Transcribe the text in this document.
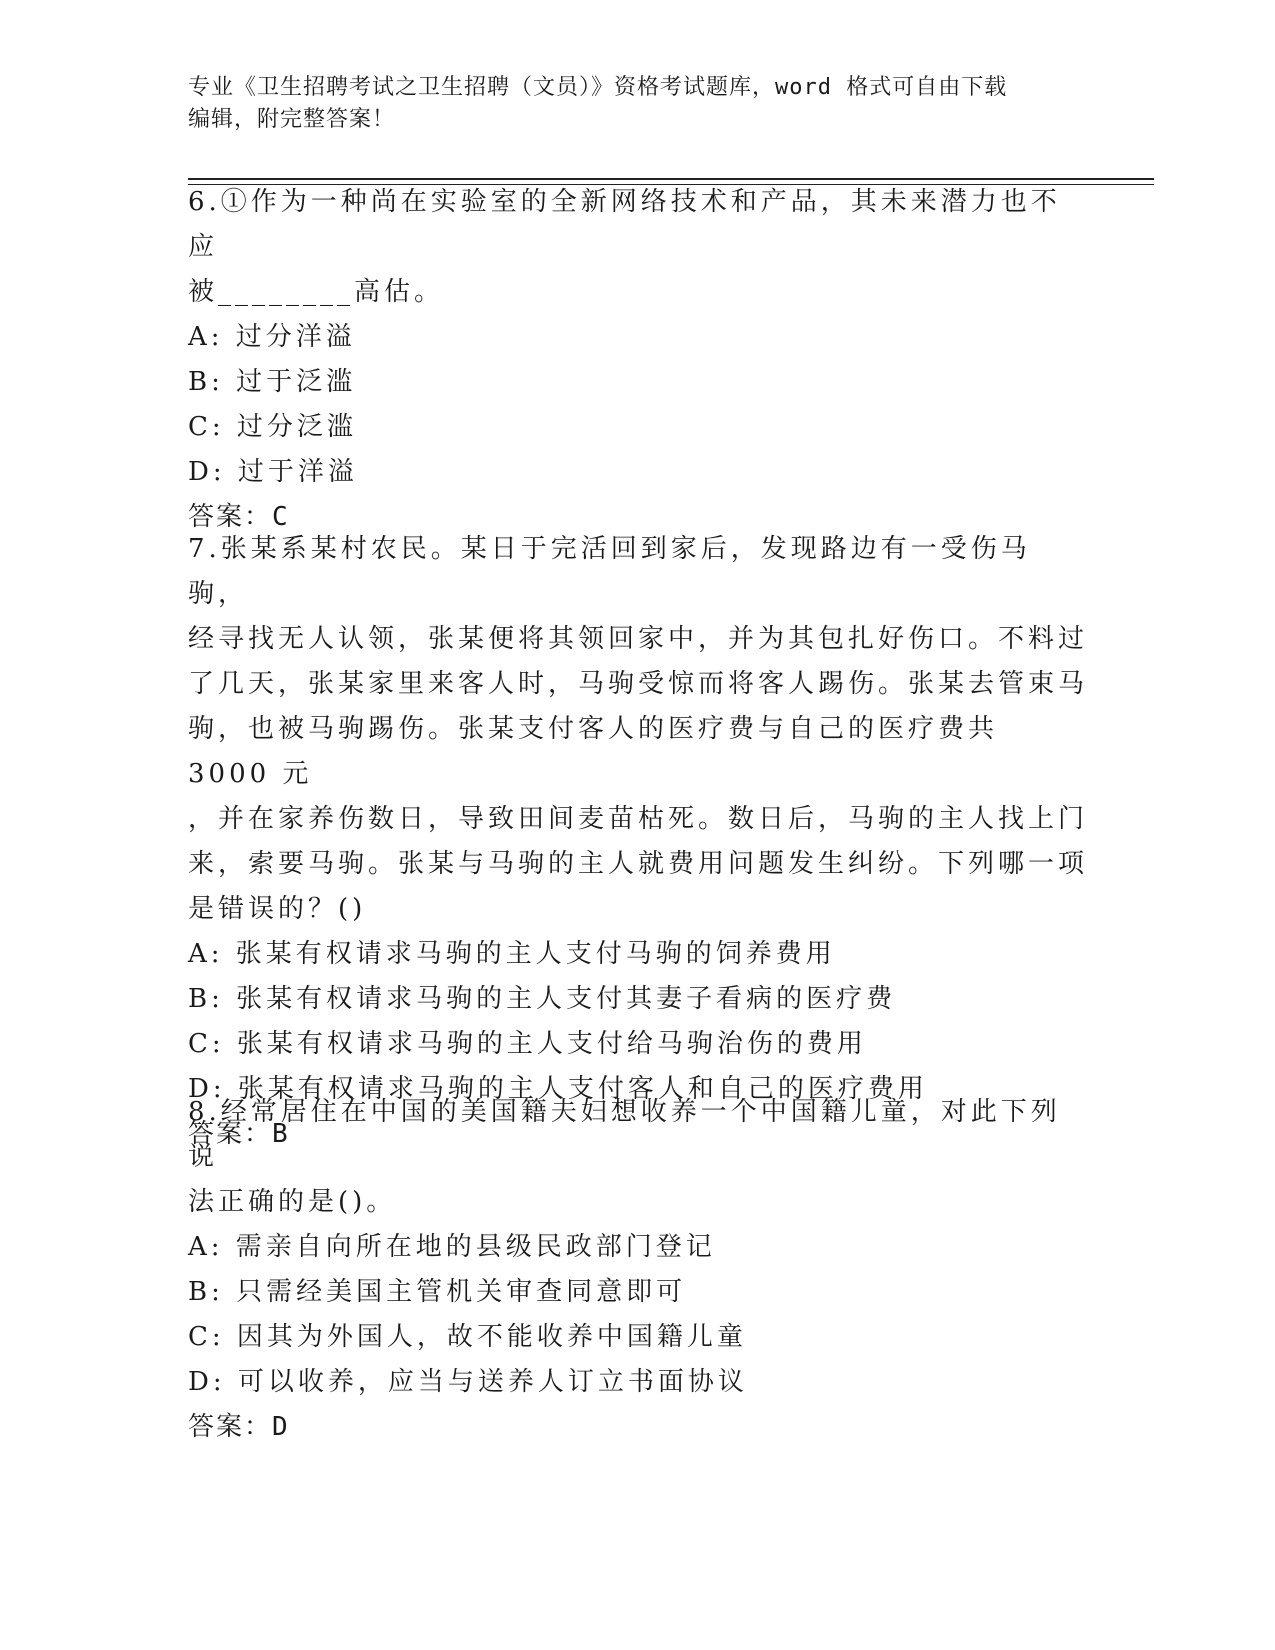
专业《卫生招聘考试之卫生招聘（文员）》资格考试题库，word 格式可自由下载
编辑，附完整答案！

6.①作为一种尚在实验室的全新网络技术和产品，其未来潜力也不应

被________高估。

A: 过分洋溢

B: 过于泛滥

C: 过分泛滥

D: 过于洋溢

答案：C

7.张某系某村农民。某日于完活回到家后，发现路边有一受伤马驹，

经寻找无人认领，张某便将其领回家中，并为其包扎好伤口。不料过

了几天，张某家里来客人时，马驹受惊而将客人踢伤。张某去管束马

驹，也被马驹踢伤。张某支付客人的医疗费与自己的医疗费共 3000 元

，并在家养伤数日，导致田间麦苗枯死。数日后，马驹的主人找上门

来，索要马驹。张某与马驹的主人就费用问题发生纠纷。下列哪一项

是错误的？()

A: 张某有权请求马驹的主人支付马驹的饲养费用

B: 张某有权请求马驹的主人支付其妻子看病的医疗费

C: 张某有权请求马驹的主人支付给马驹治伤的费用

D: 张某有权请求马驹的主人支付客人和自己的医疗费用

答案：B

8.经常居住在中国的美国籍夫妇想收养一个中国籍儿童，对此下列说

法正确的是()。

A: 需亲自向所在地的县级民政部门登记

B: 只需经美国主管机关审查同意即可

C: 因其为外国人，故不能收养中国籍儿童

D: 可以收养，应当与送养人订立书面协议

答案：D
